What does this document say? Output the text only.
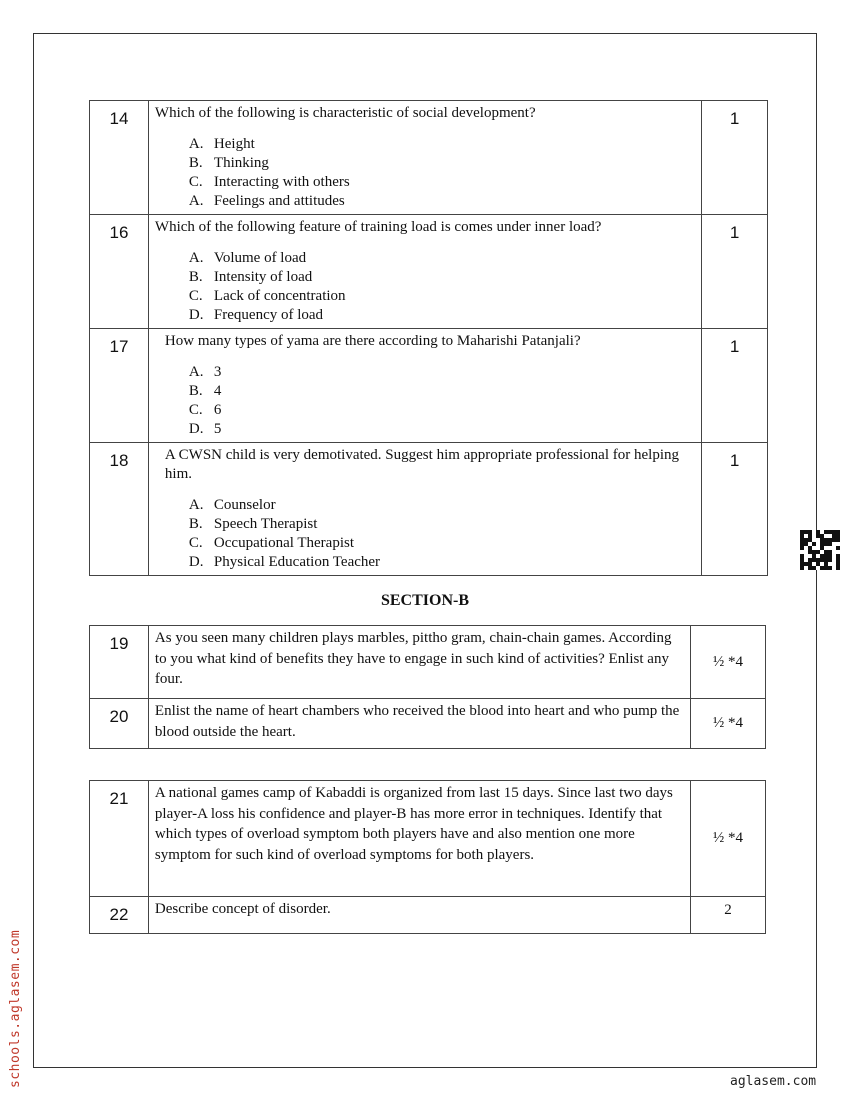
14	Which of the following is characteristic of social development?
A. Height
B. Thinking
C. Interacting with others
A. Feelings and attitudes	1
16	Which of the following feature of training load is comes under inner load?
A. Volume of load
B. Intensity of load
C. Lack of concentration
D. Frequency of load	1
17	How many types of yama are there according to Maharishi Patanjali?
A. 3
B. 4
C. 6
D. 5	1
18	A CWSN child is very demotivated. Suggest him appropriate professional for helping him.
A. Counselor
B. Speech Therapist
C. Occupational Therapist
D. Physical Education Teacher	1
SECTION-B
19	As you seen many children plays marbles, pittho gram, chain-chain games. According to you what kind of benefits they have to engage in such kind of activities? Enlist any four.	½ *4
20	Enlist the name of heart chambers who received the blood into heart and who pump the blood outside the heart.	½ *4
21	A national games camp of Kabaddi is organized from last 15 days. Since last two days player-A loss his confidence and player-B has more error in techniques. Identify that which types of overload symptom both players have and also mention one more symptom for such kind of overload symptoms for both players.	½ *4
22	Describe concept of disorder.	2
schools.aglasem.com	aglasem.com
